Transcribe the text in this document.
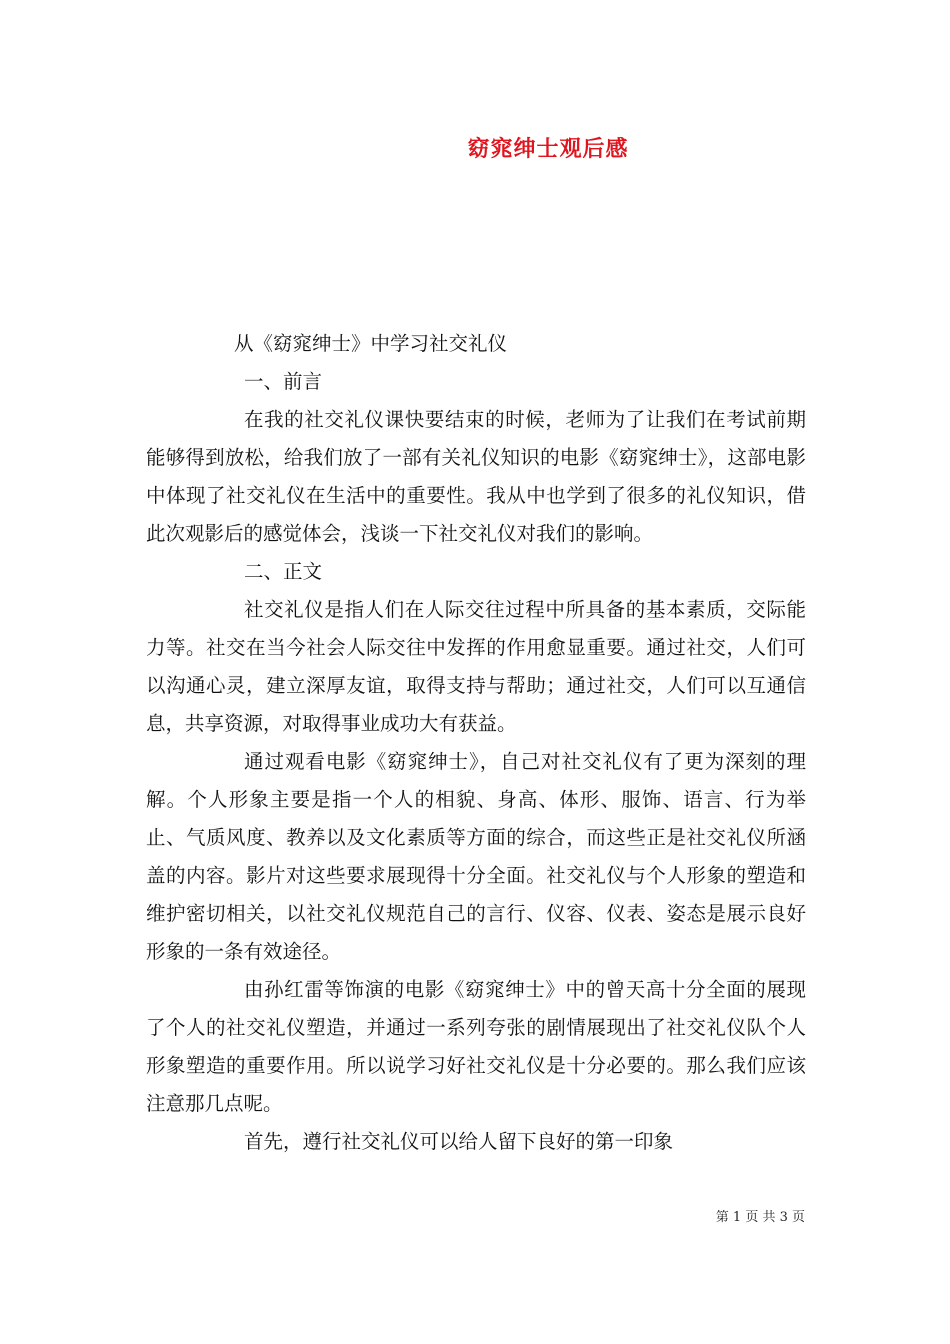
窈窕绅士观后感

从《窈窕绅士》中学习社交礼仪

一、前言

在我的社交礼仪课快要结束的时候，老师为了让我们在考试前期能够得到放松，给我们放了一部有关礼仪知识的电影《窈窕绅士》，这部电影中体现了社交礼仪在生活中的重要性。我从中也学到了很多的礼仪知识，借此次观影后的感觉体会，浅谈一下社交礼仪对我们的影响。

二、正文

社交礼仪是指人们在人际交往过程中所具备的基本素质，交际能力等。社交在当今社会人际交往中发挥的作用愈显重要。通过社交，人们可以沟通心灵，建立深厚友谊，取得支持与帮助；通过社交，人们可以互通信息，共享资源，对取得事业成功大有获益。

通过观看电影《窈窕绅士》，自己对社交礼仪有了更为深刻的理解。个人形象主要是指一个人的相貌、身高、体形、服饰、语言、行为举止、气质风度、教养以及文化素质等方面的综合，而这些正是社交礼仪所涵盖的内容。影片对这些要求展现得十分全面。社交礼仪与个人形象的塑造和维护密切相关，以社交礼仪规范自己的言行、仪容、仪表、姿态是展示良好形象的一条有效途径。

由孙红雷等饰演的电影《窈窕绅士》中的曾天高十分全面的展现了个人的社交礼仪塑造，并通过一系列夸张的剧情展现出了社交礼仪队个人形象塑造的重要作用。所以说学习好社交礼仪是十分必要的。那么我们应该注意那几点呢。

首先，遵行社交礼仪可以给人留下良好的第一印象

第 1 页 共 3 页
